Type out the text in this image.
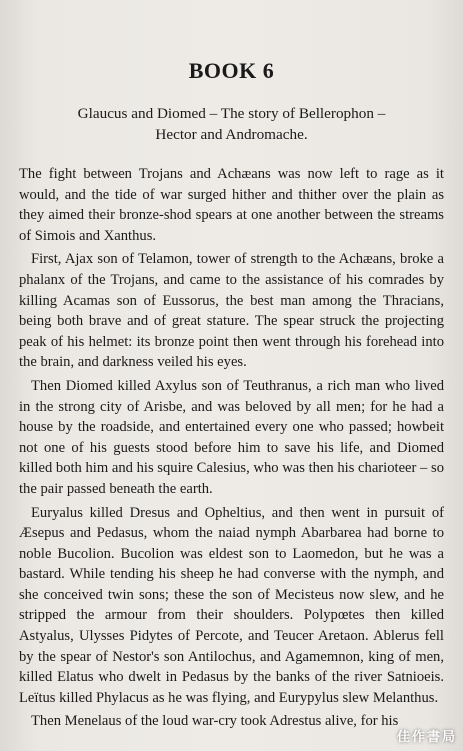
BOOK 6
Glaucus and Diomed – The story of Bellerophon –
Hector and Andromache.

The fight between Trojans and Achæans was now left to rage as it would, and the tide of war surged hither and thither over the plain as they aimed their bronze-shod spears at one another between the streams of Simois and Xanthus.

First, Ajax son of Telamon, tower of strength to the Achæans, broke a phalanx of the Trojans, and came to the assistance of his comrades by killing Acamas son of Eussorus, the best man among the Thracians, being both brave and of great stature. The spear struck the projecting peak of his helmet: its bronze point then went through his forehead into the brain, and darkness veiled his eyes.

Then Diomed killed Axylus son of Teuthranus, a rich man who lived in the strong city of Arisbe, and was beloved by all men; for he had a house by the roadside, and entertained every one who passed; howbeit not one of his guests stood before him to save his life, and Diomed killed both him and his squire Calesius, who was then his charioteer – so the pair passed beneath the earth.

Euryalus killed Dresus and Opheltius, and then went in pursuit of Æsepus and Pedasus, whom the naiad nymph Abarbarea had borne to noble Bucolion. Bucolion was eldest son to Laomedon, but he was a bastard. While tending his sheep he had converse with the nymph, and she conceived twin sons; these the son of Mecisteus now slew, and he stripped the armour from their shoulders. Polypœtes then killed Astyalus, Ulysses Pidytes of Percote, and Teucer Aretaon. Ablerus fell by the spear of Nestor's son Antilochus, and Agamemnon, king of men, killed Elatus who dwelt in Pedasus by the banks of the river Satnioeis. Leïtus killed Phylacus as he was flying, and Eurypylus slew Melanthus.

Then Menelaus of the loud war-cry took Adrestus alive, for his

佳作書局
